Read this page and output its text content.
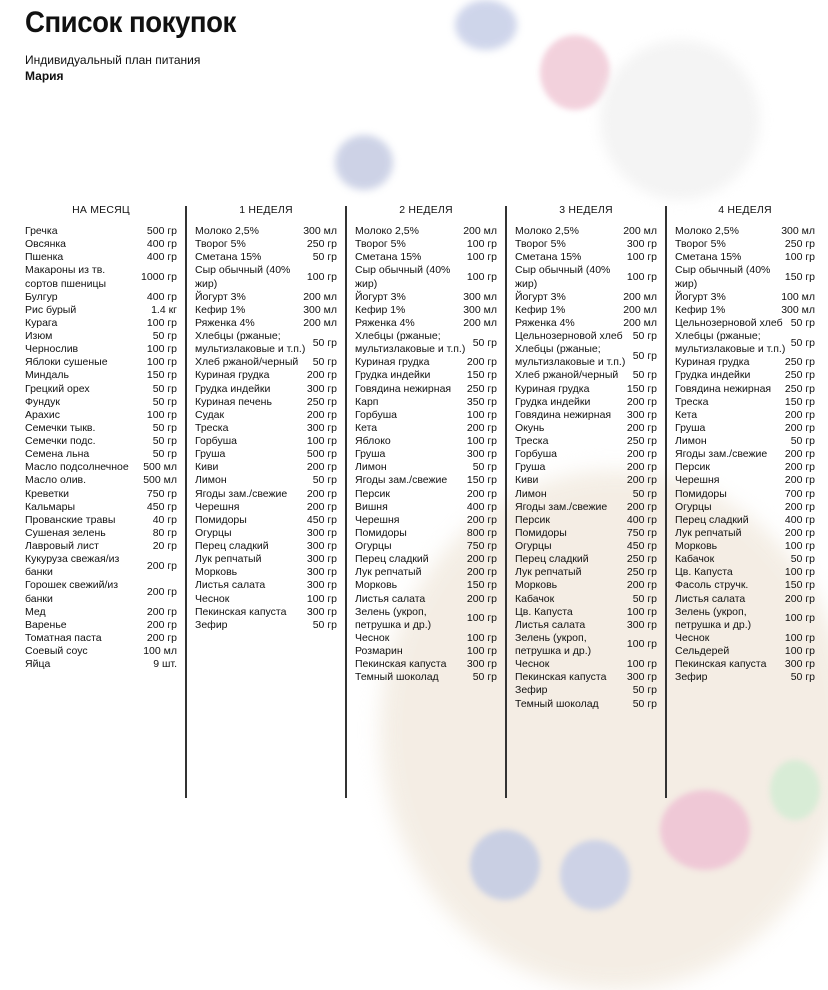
Список покупок
Индивидуальный план питания
Мария
НА МЕСЯЦ
Гречка	500 гр
Овсянка	400 гр
Пшенка	400 гр
Макароны из тв. сортов пшеницы
1000 гр
Булгур	400 гр
Рис бурый	1.4 кг
Курага	100 гр
Изюм	50 гр
Чернослив	100 гр
Яблоки сушеные	100 гр
Миндаль	150 гр
Грецкий орех	50 гр
Фундук	50 гр
Арахис	100 гр
Семечки тыкв.	50 гр
Семечки подс.	50 гр
Семена льна	50 гр
Масло подсолнечное	500 мл
Масло олив.	500 мл
Креветки	750 гр
Кальмары	450 гр
Прованские травы	40 гр
Сушеная зелень	80 гр
Лавровый лист	20 гр
Кукуруза свежая/из банки
200 гр
Горошек свежий/из банки
200 гр
Мед	200 гр
Варенье	200 гр
Томатная паста	200 гр
Соевый соус	100 мл
Яйца	9 шт.
1 НЕДЕЛЯ
Молоко 2,5%	300 мл
Творог 5%	250 гр
Сметана 15%	50 гр
Сыр обычный (40% жир)
100 гр
Йогурт 3%	200 мл
Кефир 1%	300 мл
Ряженка 4%	200 мл
Хлебцы (ржаные; мультизлаковые и т.п.)
50 гр
Хлеб ржаной/черный	50 гр
Куриная грудка	200 гр
Грудка индейки	300 гр
Куриная печень	250 гр
Судак	200 гр
Треска	300 гр
Горбуша	100 гр
Груша	500 гр
Киви	200 гр
Лимон	50 гр
Ягоды зам./свежие	200 гр
Черешня	200 гр
Помидоры	450 гр
Огурцы	300 гр
Перец сладкий	300 гр
Лук репчатый	300 гр
Морковь	300 гр
Листья салата	300 гр
Чеснок	100 гр
Пекинская капуста	300 гр
Зефир	50 гр
2 НЕДЕЛЯ
Молоко 2,5%	200 мл
Творог 5%	100 гр
Сметана 15%	100 гр
Сыр обычный (40% жир)
100 гр
Йогурт 3%	300 мл
Кефир 1%	300 мл
Ряженка 4%	200 мл
Хлебцы (ржаные; мультизлаковые и т.п.)
50 гр
Куриная грудка	200 гр
Грудка индейки	150 гр
Говядина нежирная	250 гр
Карп	350 гр
Горбуша	100 гр
Кета	200 гр
Яблоко	100 гр
Груша	300 гр
Лимон	50 гр
Ягоды зам./свежие	150 гр
Персик	200 гр
Вишня	400 гр
Черешня	200 гр
Помидоры	800 гр
Огурцы	750 гр
Перец сладкий	200 гр
Лук репчатый	200 гр
Морковь	150 гр
Листья салата	200 гр
Зелень (укроп, петрушка и др.)
100 гр
Чеснок	100 гр
Розмарин	100 гр
Пекинская капуста	300 гр
Темный шоколад	50 гр
3 НЕДЕЛЯ
Молоко 2,5%	200 мл
Творог 5%	300 гр
Сметана 15%	100 гр
Сыр обычный (40% жир)
100 гр
Йогурт 3%	200 мл
Кефир 1%	200 мл
Ряженка 4%	200 мл
Цельнозерновой хлеб 50 гр
Хлебцы (ржаные; мультизлаковые и т.п.)
50 гр
Хлеб ржаной/черный	50 гр
Куриная грудка	150 гр
Грудка индейки	200 гр
Говядина нежирная	300 гр
Окунь	200 гр
Треска	250 гр
Горбуша	200 гр
Груша	200 гр
Киви	200 гр
Лимон	50 гр
Ягоды зам./свежие	200 гр
Персик	400 гр
Помидоры	750 гр
Огурцы	450 гр
Перец сладкий	250 гр
Лук репчатый	250 гр
Морковь	200 гр
Кабачок	50 гр
Цв. Капуста	100 гр
Листья салата	300 гр
Зелень (укроп, петрушка и др.)
100 гр
Чеснок	100 гр
Пекинская капуста	300 гр
Зефир	50 гр
Темный шоколад	50 гр
4 НЕДЕЛЯ
Молоко 2,5%	300 мл
Творог 5%	250 гр
Сметана 15%	100 гр
Сыр обычный (40% жир)
150 гр
Йогурт 3%	100 мл
Кефир 1%	300 мл
Цельнозерновой хлеб 50 гр
Хлебцы (ржаные; мультизлаковые и т.п.)
50 гр
Куриная грудка	250 гр
Грудка индейки	250 гр
Говядина нежирная	250 гр
Треска	150 гр
Кета	200 гр
Груша	200 гр
Лимон	50 гр
Ягоды зам./свежие	200 гр
Персик	200 гр
Черешня	200 гр
Помидоры	700 гр
Огурцы	200 гр
Перец сладкий	400 гр
Лук репчатый	200 гр
Морковь	100 гр
Кабачок	50 гр
Цв. Капуста	100 гр
Фасоль стручк.	150 гр
Листья салата	200 гр
Зелень (укроп, петрушка и др.)
100 гр
Чеснок	100 гр
Сельдерей	100 гр
Пекинская капуста	300 гр
Зефир	50 гр
